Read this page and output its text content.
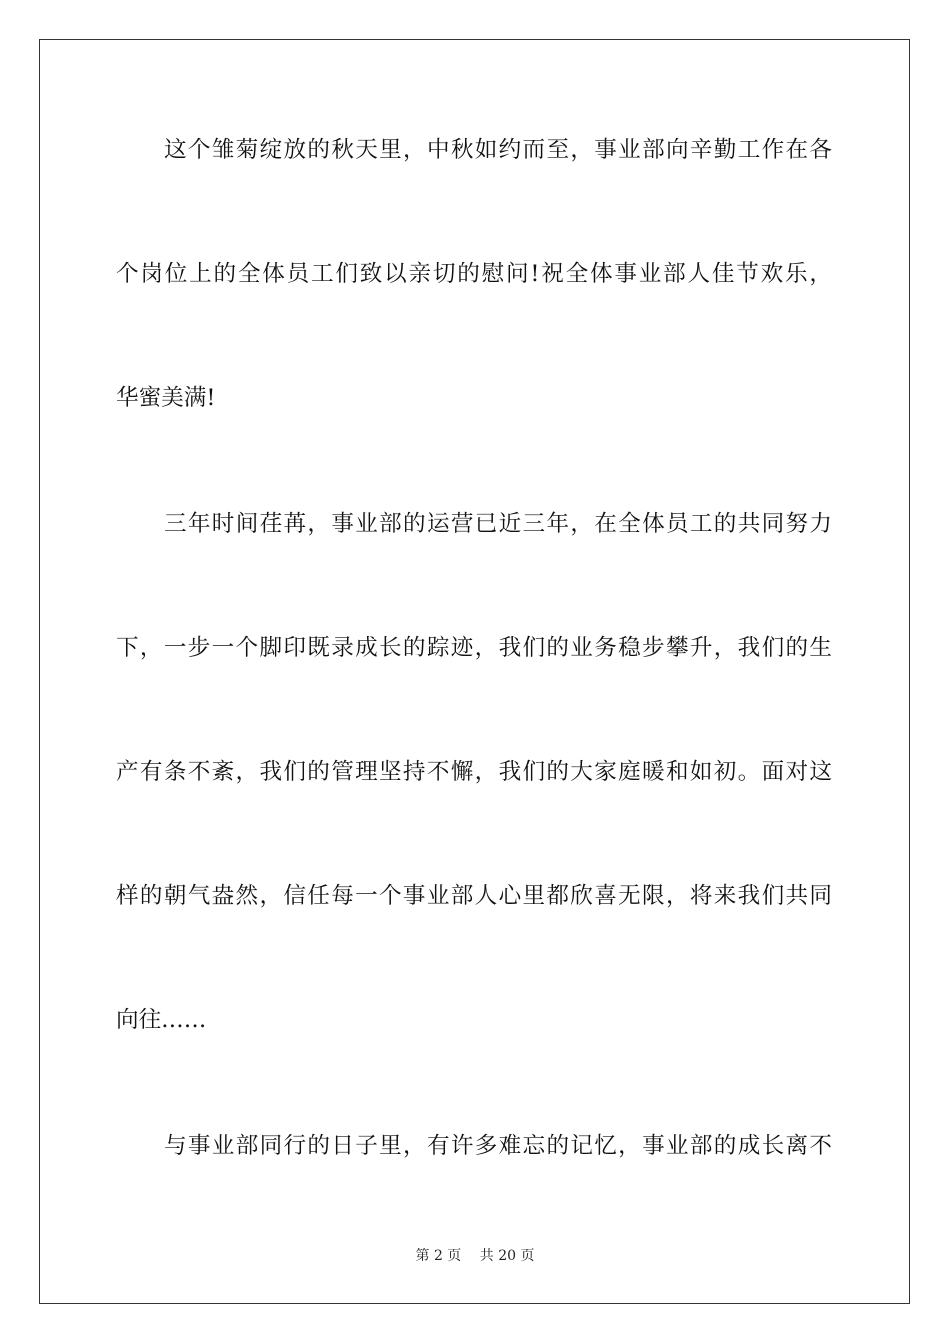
这个雏菊绽放的秋天里，中秋如约而至，事业部向辛勤工作在各
个岗位上的全体员工们致以亲切的慰问!祝全体事业部人佳节欢乐，
华蜜美满!
三年时间荏苒，事业部的运营已近三年，在全体员工的共同努力
下，一步一个脚印既录成长的踪迹，我们的业务稳步攀升，我们的生
产有条不紊，我们的管理坚持不懈，我们的大家庭暖和如初。面对这
样的朝气盎然，信任每一个事业部人心里都欣喜无限，将来我们共同
向往……
与事业部同行的日子里，有许多难忘的记忆，事业部的成长离不
第 2 页　 共 20 页
